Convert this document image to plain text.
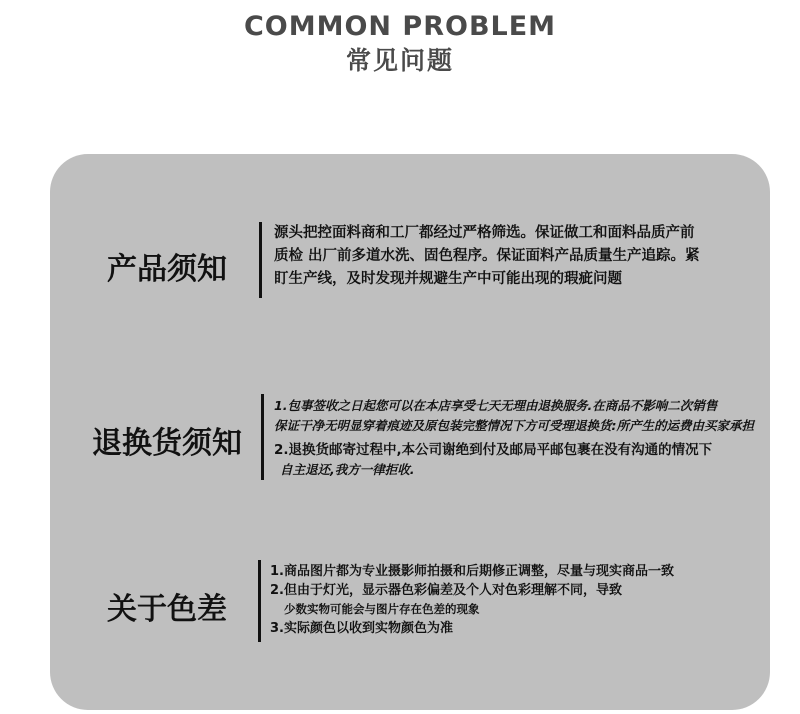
COMMON PROBLEM
常见问题
产品须知
源头把控面料商和工厂都经过严格筛选。保证做工和面料品质产前
质检 出厂前多道水洗、固色程序。保证面料产品质量生产追踪。紧
盯生产线，及时发现并规避生产中可能出现的瑕疵问题
退换货须知
1.包事签收之日起您可以在本店享受七天无理由退换服务.在商品不影响二次销售
保证干净无明显穿着痕迹及原包装完整情况下方可受理退换货:所产生的运费由买家承担
2.退换货邮寄过程中,本公司谢绝到付及邮局平邮包裹在没有沟通的情况下
自主退还,我方一律拒收.
关于色差
1.商品图片都为专业摄影师拍摄和后期修正调整，尽量与现实商品一致
2.但由于灯光，显示器色彩偏差及个人对色彩理解不同，导致
少数实物可能会与图片存在色差的现象
3.实际颜色以收到实物颜色为准
